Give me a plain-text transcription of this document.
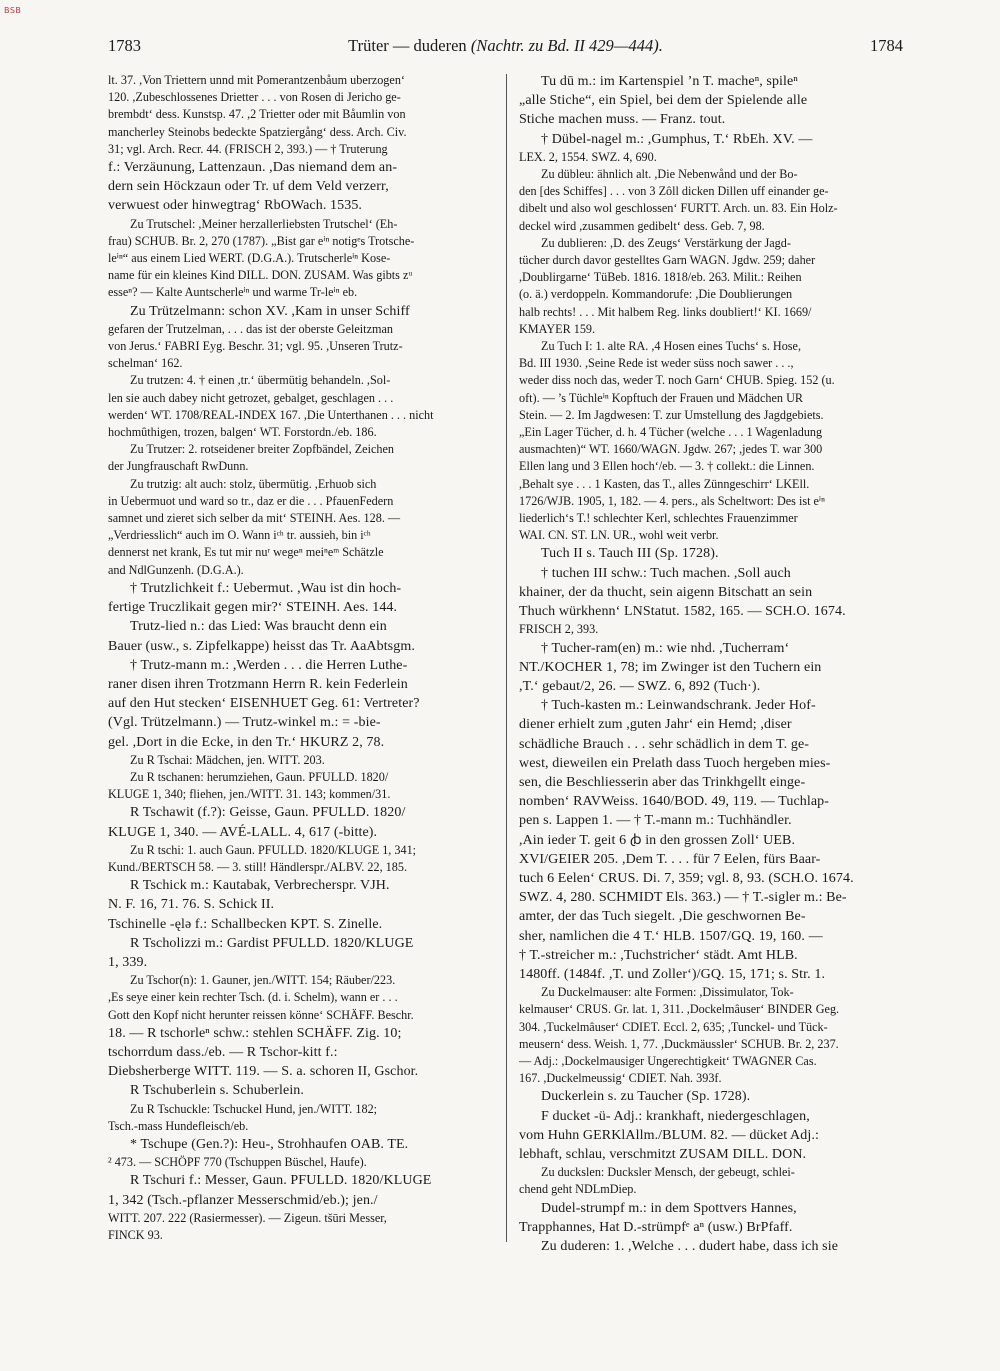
BSB
1783	Trüter — duderen (Nachtr. zu Bd. II 429—444).	1784
lt. 37. ,Von Triettern unnd mit Pomerantzenbåum uberzogen‘
120. ,Zubeschlossenes Drietter . . . von Rosen di Jericho ge-
brembdt‘ dess. Kunstsp. 47. ,2 Trietter oder mit Båumlin von
mancherley Steinobs bedeckte Spatziergång‘ dess. Arch. Civ.
31; vgl. Arch. Recr. 44. (FRISCH 2, 393.) — † Truterung
f.: Verzäunung, Lattenzaun. ,Das niemand dem an-
dern sein Höckzaun oder Tr. uf dem Veld verzerr,
verwuest oder hinwegtrag‘ RbOWach. 1535.
Zu Trutschel: ,Meiner herzallerliebsten Trutschel‘ (Eh-
frau) SCHUB. Br. 2, 270 (1787). „Bist gar eⁱⁿ notigᵉs Trotsche-
leⁱⁿ“ aus einem Lied WERT. (D.G.A.). Trutscherleⁱⁿ Kose-
name für ein kleines Kind DILL. DON. ZUSAM. Was gibts zᵘ
esseⁿ? — Kalte Auntscherleⁱⁿ und warme Tr-leⁱⁿ eb.
Zu Trützelmann: schon XV. ,Kam in unser Schiff
gefaren der Trutzelman, . . . das ist der oberste Geleitzman
von Jerus.‘ FABRI Eyg. Beschr. 31; vgl. 95. ,Unseren Trutz-
schelman‘ 162.
Zu trutzen: 4. † einen ,tr.‘ übermütig behandeln. ,Sol-
len sie auch dabey nicht getrozet, gebalget, geschlagen . . .
werden‘ WT. 1708/REAL-INDEX 167. ,Die Unterthanen . . . nicht
hochmûthigen, trozen, balgen‘ WT. Forstordn./eb. 186.
Zu Trutzer: 2. rotseidener breiter Zopfbändel, Zeichen
der Jungfrauschaft RwDunn.
Zu trutzig: alt auch: stolz, übermütig. ,Erhuob sich
in Uebermuot und ward so tr., daz er die . . . PfauenFedern
samnet und zieret sich selber da mit‘ STEINH. Aes. 128. —
„Verdriesslich“ auch im O. Wann iᶜʰ tr. aussieh, bin iᶜʰ
dennerst net krank, Es tut mir nuʳ wegeⁿ meiⁿeᵐ Schätzle
and NdlGunzenh. (D.G.A.).
† Trutzlichkeit f.: Uebermut. ,Wau ist din hoch-
fertige Truczlikait gegen mir?‘ STEINH. Aes. 144.
Trutz-lied n.: das Lied: Was braucht denn ein
Bauer (usw., s. Zipfelkappe) heisst das Tr. AaAbtsgm.
† Trutz-mann m.: ,Werden . . . die Herren Luthe-
raner disen ihren Trotzmann Herrn R. kein Federlein
auf den Hut stecken‘ EISENHUET Geg. 61: Vertreter?
(Vgl. Trützelmann.) — Trutz-winkel m.: = -bie-
gel. ,Dort in die Ecke, in den Tr.‘ HKURZ 2, 78.
Zu R Tschai: Mädchen, jen. WITT. 203.
Zu R tschanen: herumziehen, Gaun. PFULLD. 1820/
KLUGE 1, 340; fliehen, jen./WITT. 31. 143; kommen/31.
R Tschawit (f.?): Geisse, Gaun. PFULLD. 1820/
KLUGE 1, 340. — AVÉ-LALL. 4, 617 (-bitte).
Zu R tschi: 1. auch Gaun. PFULLD. 1820/KLUGE 1, 341;
Kund./BERTSCH 58. — 3. still! Händlerspr./ALBV. 22, 185.
R Tschick m.: Kautabak, Verbrecherspr. VJH.
N. F. 16, 71. 76. S. Schick II.
Tschinelle -ęlə f.: Schallbecken KPT. S. Zinelle.
R Tscholizzi m.: Gardist PFULLD. 1820/KLUGE
1, 339.
Zu Tschor(n): 1. Gauner, jen./WITT. 154; Räuber/223.
,Es seye einer kein rechter Tsch. (d. i. Schelm), wann er . . .
Gott den Kopf nicht herunter reissen könne‘ SCHÄFF. Beschr.
18. — R tschorleⁿ schw.: stehlen SCHÄFF. Zig. 10;
tschorrdum dass./eb. — R Tschor-kitt f.:
Diebsherberge WITT. 119. — S. a. schoren II, Gschor.
R Tschuberlein s. Schuberlein.
Zu R Tschuckle: Tschuckel Hund, jen./WITT. 182;
Tsch.-mass Hundefleisch/eb.
* Tschupe (Gen.?): Heu-, Strohhaufen OAB. TE.
² 473. — SCHÖPF 770 (Tschuppen Büschel, Haufe).
R Tschuri f.: Messer, Gaun. PFULLD. 1820/KLUGE
1, 342 (Tsch.-pflanzer Messerschmid/eb.); jen./
WITT. 207. 222 (Rasiermesser). — Zigeun. tšūri Messer,
FINCK 93.
Tu dū m.: im Kartenspiel ’n T. macheⁿ, spileⁿ
„alle Stiche“, ein Spiel, bei dem der Spielende alle
Stiche machen muss. — Franz. tout.
† Dübel-nagel m.: ,Gumphus, T.‘ RbEh. XV. —
LEX. 2, 1554. SWZ. 4, 690.
Zu dübleu: ähnlich alt. ,Die Nebenwånd und der Bo-
den [des Schiffes] . . . von 3 Zôll dicken Dillen uff einander ge-
dibelt und also wol geschlossen‘ FURTT. Arch. un. 83. Ein Holz-
deckel wird ,zusammen gedibelt‘ dess. Geb. 7, 98.
Zu dublieren: ,D. des Zeugs‘ Verstärkung der Jagd-
tücher durch davor gestelltes Garn WAGN. Jgdw. 259; daher
,Doublirgarne‘ TüBeb. 1816. 1818/eb. 263. Milit.: Reihen
(o. ä.) verdoppeln. Kommandorufe: ,Die Doublierungen
halb rechts! . . . Mit halbem Reg. links doubliert!‘ KI. 1669/
KMAYER 159.
Zu Tuch I: 1. alte RA. ,4 Hosen eines Tuchs‘ s. Hose,
Bd. III 1930. ,Seine Rede ist weder süss noch sawer . . .,
weder diss noch das, weder T. noch Garn‘ CHUB. Spieg. 152 (u.
oft). — ’s Tüchleⁱⁿ Kopftuch der Frauen und Mädchen UR
Stein. — 2. Im Jagdwesen: T. zur Umstellung des Jagdgebiets.
„Ein Lager Tücher, d. h. 4 Tücher (welche . . . 1 Wagenladung
ausmachten)“ WT. 1660/WAGN. Jgdw. 267; ,jedes T. war 300
Ellen lang und 3 Ellen hoch‘/eb. — 3. † collekt.: die Linnen.
,Behalt sye . . . 1 Kasten, das T., alles Zünngeschirr‘ LKEll.
1726/WJB. 1905, 1, 182. — 4. pers., als Scheltwort: Des ist eⁱⁿ
liederlich‘s T.! schlechter Kerl, schlechtes Frauenzimmer
WAI. CN. ST. LN. UR., wohl weit verbr.
Tuch II s. Tauch III (Sp. 1728).
† tuchen III schw.: Tuch machen. ,Soll auch
khainer, der da thucht, sein aigenn Bitschatt an sein
Thuch würkhenn‘ LNStatut. 1582, 165. — SCH.O. 1674.
FRISCH 2, 393.
† Tucher-ram(en) m.: wie nhd. ,Tucherram‘
NT./KOCHER 1, 78; im Zwinger ist den Tuchern ein
,T.‘ gebaut/2, 26. — SWZ. 6, 892 (Tuch·).
† Tuch-kasten m.: Leinwandschrank. Jeder Hof-
diener erhielt zum ,guten Jahr‘ ein Hemd; ,diser
schädliche Brauch . . . sehr schädlich in dem T. ge-
west, dieweilen ein Prelath dass Tuoch hergeben mies-
sen, die Beschliesserin aber das Trinkhgellt einge-
nomben‘ RAVWeiss. 1640/BOD. 49, 119. — Tuchlap-
pen s. Lappen 1. — † T.-mann m.: Tuchhändler.
,Ain ieder T. geit 6 ꞗ in den grossen Zoll‘ UEB.
XVI/GEIER 205. ,Dem T. . . . für 7 Eelen, fürs Baar-
tuch 6 Eelen‘ CRUS. Di. 7, 359; vgl. 8, 93. (SCH.O. 1674.
SWZ. 4, 280. SCHMIDT Els. 363.) — † T.-sigler m.: Be-
amter, der das Tuch siegelt. ,Die geschwornen Be-
sher, namlichen die 4 T.‘ HLB. 1507/GQ. 19, 160. —
† T.-streicher m.: ,Tuchstricher‘ städt. Amt HLB.
1480ff. (1484f. ,T. und Zoller‘)/GQ. 15, 171; s. Str. 1.
Zu Duckelmauser: alte Formen: ,Dissimulator, Tok-
kelmauser‘ CRUS. Gr. lat. 1, 311. ,Dockelmâuser‘ BINDER Geg.
304. ,Tuckelmâuser‘ CDIET. Eccl. 2, 635; ,Tunckel- und Tück-
meusern‘ dess. Weish. 1, 77. ,Duckmäussler‘ SCHUB. Br. 2, 237.
— Adj.: ,Dockelmausiger Ungerechtigkeit‘ TWAGNER Cas.
167. ,Duckelmeussig‘ CDIET. Nah. 393f.
Duckerlein s. zu Taucher (Sp. 1728).
F ducket -ü- Adj.: krankhaft, niedergeschlagen,
vom Huhn GERKlAllm./BLUM. 82. — dücket Adj.:
lebhaft, schlau, verschmitzt ZUSAM DILL. DON.
Zu duckslen: Ducksler Mensch, der gebeugt, schlei-
chend geht NDLmDiep.
Dudel-strumpf m.: in dem Spottvers Hannes,
Trapphannes, Hat D.-strümpfᵉ aⁿ (usw.) BrPfaff.
Zu duderen: 1. ,Welche . . . dudert habe, dass ich sie
